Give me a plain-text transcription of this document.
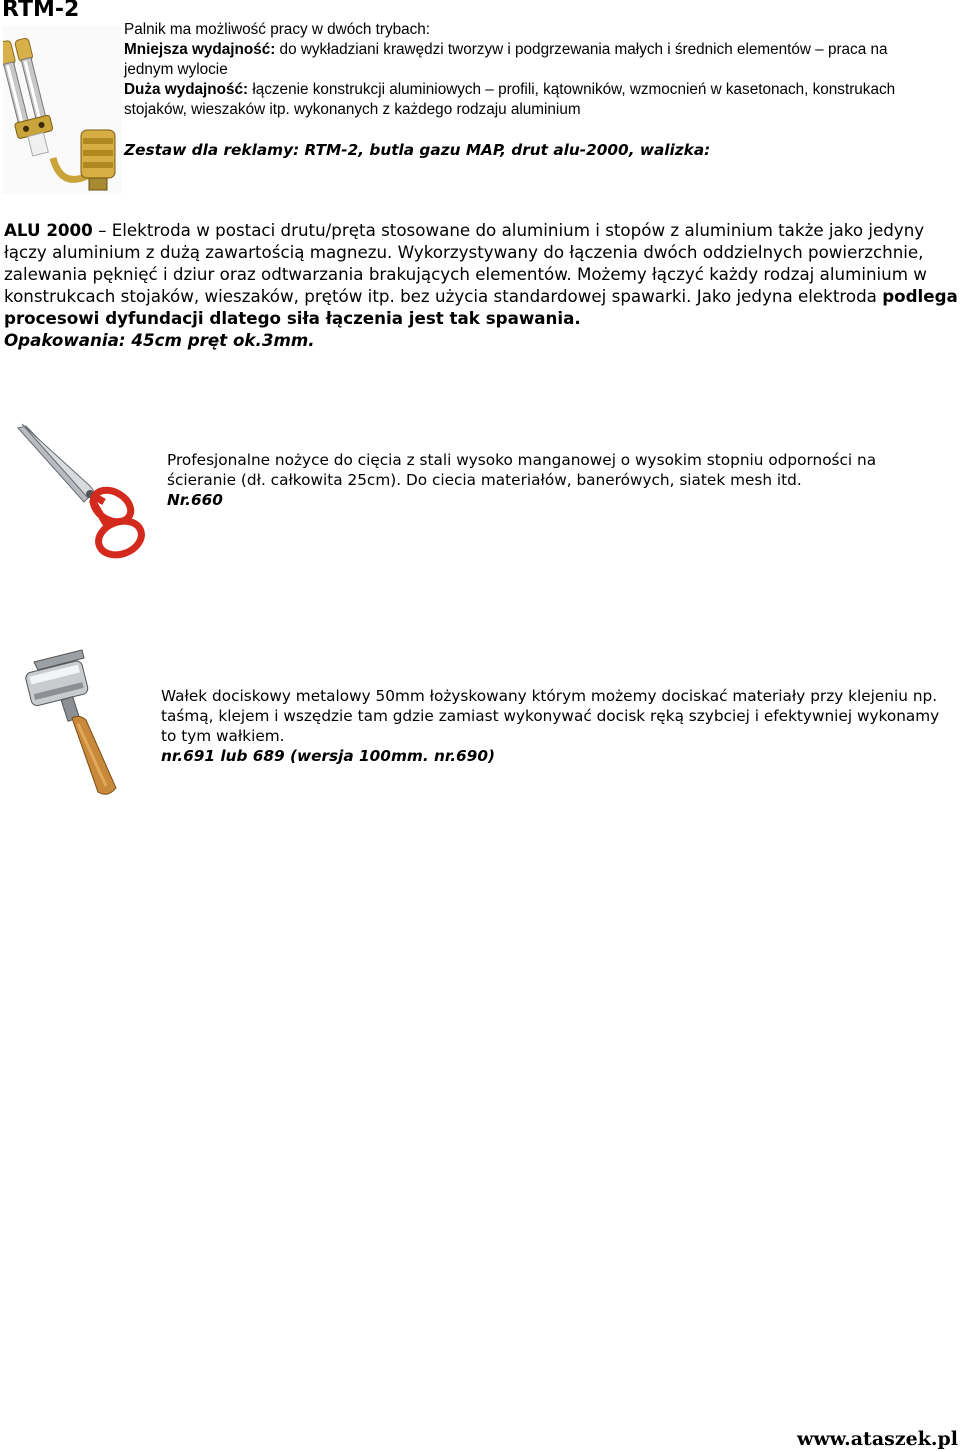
RTM-2
Palnik ma możliwość pracy w dwóch trybach:
Mniejsza wydajność: do wykładziani krawędzi tworzyw i podgrzewania małych i średnich elementów – praca na jednym wylocie
Duża wydajność: łączenie konstrukcji aluminiowych – profili, kątowników, wzmocnień w kasetonach, konstrukach stojaków, wieszaków itp. wykonanych z każdego rodzaju aluminium
Zestaw dla reklamy: RTM-2, butla gazu MAP, drut alu-2000, walizka:
ALU 2000 – Elektroda w postaci drutu/pręta stosowane do aluminium i stopów z aluminium także jako jedyny łączy aluminium z dużą zawartością magnezu. Wykorzystywany do łączenia dwóch oddzielnych powierzchnie, zalewania pęknięć i dziur oraz odtwarzania brakujących elementów. Możemy łączyć każdy rodzaj aluminium w konstrukcach stojaków, wieszaków, prętów itp. bez użycia standardowej spawarki. Jako jedyna elektroda podlega procesowi dyfundacji dlatego siła łączenia jest tak spawania.
Opakowania: 45cm pręt ok.3mm.
Profesjonalne nożyce do cięcia z stali wysoko manganowej o wysokim stopniu odporności na ścieranie (dł. całkowita 25cm). Do ciecia materiałów, banerówych, siatek mesh itd.
Nr.660
Wałek dociskowy metalowy 50mm łożyskowany którym możemy dociskać materiały przy klejeniu np. taśmą, klejem i wszędzie tam gdzie zamiast wykonywać docisk ręką szybciej i efektywniej wykonamy to tym wałkiem.
nr.691 lub 689 (wersja 100mm. nr.690)
www.ataszek.pl
